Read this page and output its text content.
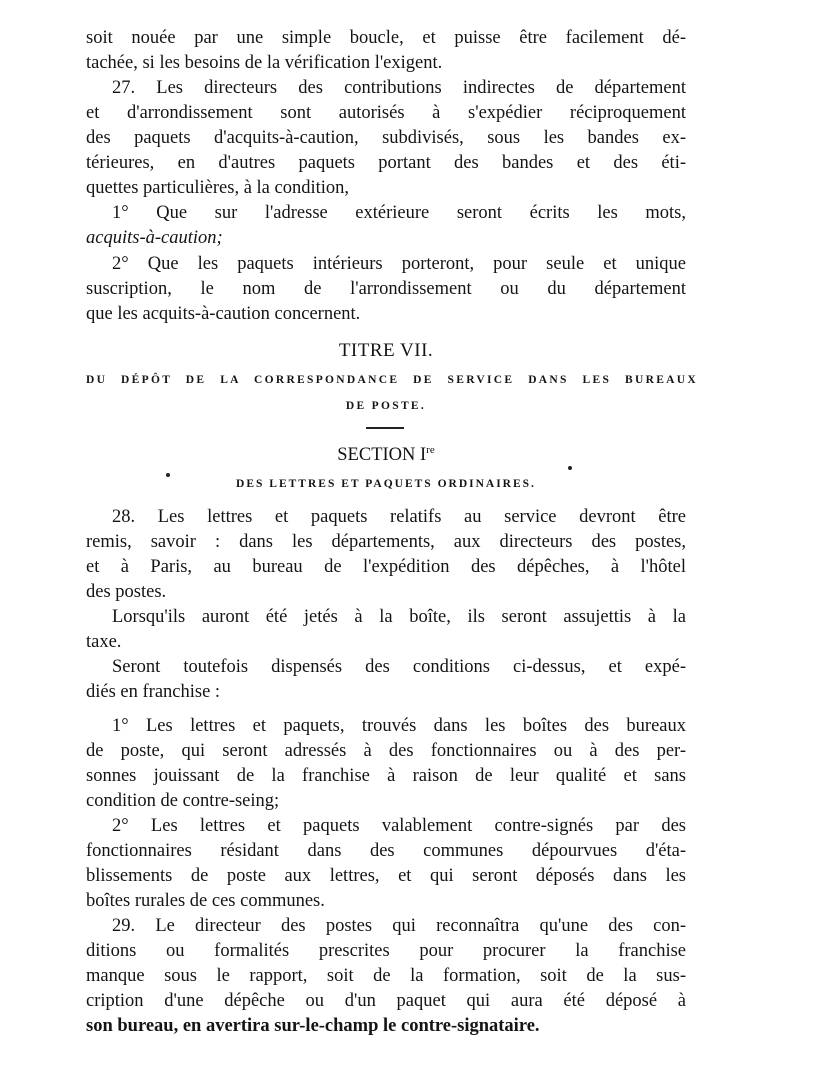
soit nouée par une simple boucle, et puisse être facilement dé-

tachée, si les besoins de la vérification l'exigent.

27. Les directeurs des contributions indirectes de département

et d'arrondissement sont autorisés à s'expédier réciproquement

des paquets d'acquits-à-caution, subdivisés, sous les bandes ex-

térieures, en d'autres paquets portant des bandes et des éti-

quettes particulières, à la condition,

1° Que sur l'adresse extérieure seront écrits les mots,

acquits-à-caution;

2° Que les paquets intérieurs porteront, pour seule et unique

suscription, le nom de l'arrondissement ou du département

que les acquits-à-caution concernent.

TITRE VII.

DU DÉPÔT DE LA CORRESPONDANCE DE SERVICE DANS LES BUREAUX

DE POSTE.

SECTION Ire

DES LETTRES ET PAQUETS ORDINAIRES.

28. Les lettres et paquets relatifs au service devront être

remis, savoir : dans les départements, aux directeurs des postes,

et à Paris, au bureau de l'expédition des dépêches, à l'hôtel

des postes.

Lorsqu'ils auront été jetés à la boîte, ils seront assujettis à la

taxe.

Seront toutefois dispensés des conditions ci-dessus, et expé-

diés en franchise :

1° Les lettres et paquets, trouvés dans les boîtes des bureaux

de poste, qui seront adressés à des fonctionnaires ou à des per-

sonnes jouissant de la franchise à raison de leur qualité et sans

condition de contre-seing;

2° Les lettres et paquets valablement contre-signés par des

fonctionnaires résidant dans des communes dépourvues d'éta-

blissements de poste aux lettres, et qui seront déposés dans les

boîtes rurales de ces communes.

29. Le directeur des postes qui reconnaîtra qu'une des con-

ditions ou formalités prescrites pour procurer la franchise

manque sous le rapport, soit de la formation, soit de la sus-

cription d'une dépêche ou d'un paquet qui aura été déposé à

son bureau, en avertira sur-le-champ le contre-signataire.
